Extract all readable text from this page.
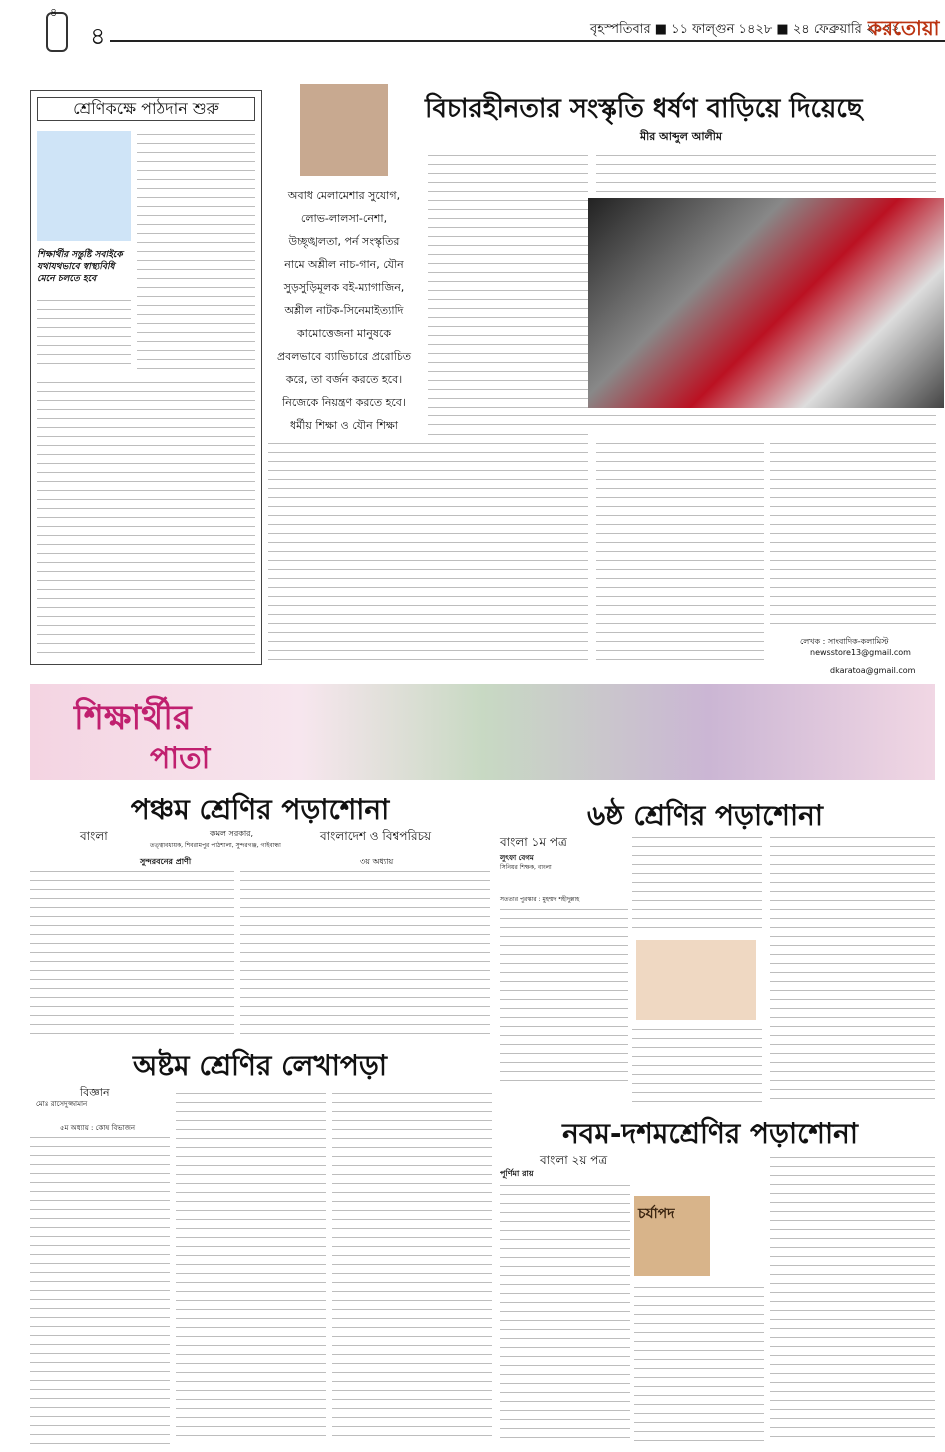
৪
৪	বৃহস্পতিবার ■ ১১ ফাল্গুন ১৪২৮ ■ ২৪ ফেব্রুয়ারি ২০২২
করতোয়া
শ্রেণিকক্ষে পাঠদান শুরু
শিক্ষার্থীর সন্তুষ্টি সবাইকে যথাযথভাবে স্বাস্থ্যবিধি মেনে চলতে হবে
বিচারহীনতার সংস্কৃতি ধর্ষণ বাড়িয়ে দিয়েছে
মীর আব্দুল আলীম
অবাধ মেলামেশার সুযোগ,
লোভ-লালসা-নেশা,
উচ্ছৃঙ্খলতা, পর্ন সংস্কৃতির
নামে অশ্লীল নাচ-গান, যৌন
সুড়সুড়িমূলক বই-ম্যাগাজিন,
অশ্লীল নাটক-সিনেমাইত্যাদি
কামোত্তেজনা মানুষকে
প্রবলভাবে ব্যাভিচারে প্ররোচিত
করে, তা বর্জন করতে হবে।
নিজেকে নিয়ন্ত্রণ করতে হবে।
ধর্মীয় শিক্ষা ও যৌন শিক্ষা
লেখক : সাংবাদিক-কলামিস্ট
newsstore13@gmail.com
dkaratoa@gmail.com
শিক্ষার্থীর
পাতা
পঞ্চম শ্রেণির পড়াশোনা
বাংলা	বাংলাদেশ ও বিশ্বপরিচয়
কমল সরকার,
তত্ত্বাবধায়ক, শিবরামপুর পাঠশালা, সুন্দরগঞ্জ, গাইবান্ধা
সুন্দরবনের প্রাণী	৩য় অধ্যায়
অষ্টম শ্রেণির লেখাপড়া
বিজ্ঞান
মোঃ রাসেদুজ্জামান
৫ম অধ্যায় : কোষ বিভাজন
৬ষ্ঠ শ্রেণির পড়াশোনা
বাংলা ১ম পত্র
লুৎফা বেগম
সিনিয়র শিক্ষক, বাংলা
সততার পুরস্কার : মুহম্মদ শহীদুল্লাহ
নবম-দশমশ্রেণির পড়াশোনা
বাংলা ২য় পত্র
পূর্ণিমা রায়
চর্যাপদ
